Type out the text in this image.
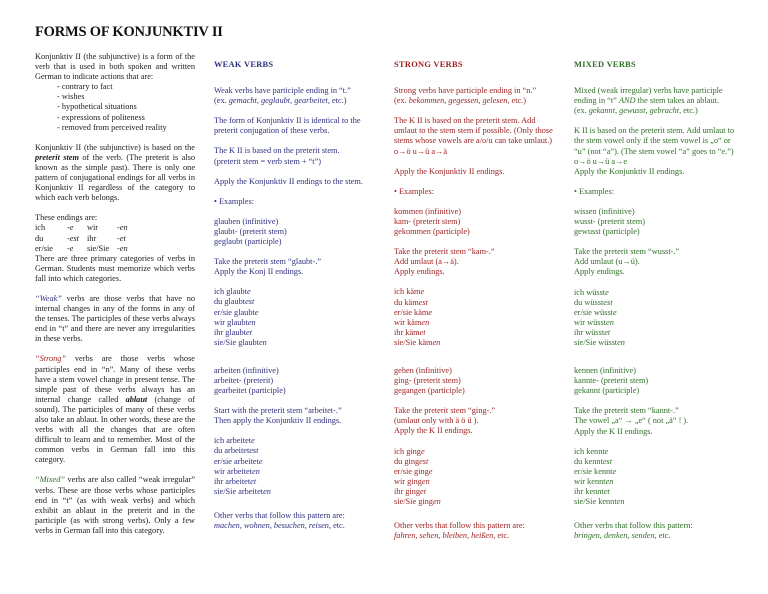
FORMS OF KONJUNKTIV II

Konjunktiv II (the subjunctive) is a form of the verb that is used in both spoken and written German to indicate actions that are:

- contrary to fact
- wishes
- hypothetical situations
- expressions of politeness
- removed from perceived reality

Konjunktiv II (the subjunctive) is based on the preterit stem of the verb. (The preterit is also known as the simple past). There is only one pattern of conjugational endings for all verbs in Konjunktiv II regardless of the category to which each verb belongs.

These endings are:

ich	-e	wir	-en
du	-est ihr	-et
er/sie	-e	sie/Sie -en

There are three primary categories of verbs in German. Students must memorize which verbs fall into which categories.

“Weak” verbs are those verbs that have no internal changes in any of the forms in any of the tenses. The participles of these verbs always end in “t” and there are never any irregularities in these verbs.

“Strong” verbs are those verbs whose participles end in “n”. Many of these verbs have a stem vowel change in present tense. The simple past of these verbs always has an internal change called ablaut (change of sound). The participles of many of these verbs also take an ablaut. In other words, these are the verbs with all the changes that are often difficult to learn and to remember. Most of the common verbs in German fall into this category.

“Mixed” verbs are also called “weak irregular” verbs. These are those verbs whose participles end in “t” (as with weak verbs) and which exhibit an ablaut in the preterit and in the participle (as with strong verbs). Only a few verbs in German fall into this category.

WEAK VERBS

Weak verbs have participle ending in “t.”
(ex. gemacht, geglaubt, gearbeitet, etc.)

The form of Konjunktiv II is identical to the preterit conjugation of these verbs.

The K II is based on the preterit stem.
(preterit stem = verb stem + “t”)

Apply the Konjunktiv II endings to the stem.

• Examples:

glauben (infinitive)
glaubt- (preterit stem)
geglaubt (participle)
Take the preterit stem “glaubt-.”
Apply the Konj II endings.
ich glaubte
du glaubtest
er/sie glaubte
wir glaubten
ihr glaubtet
sie/Sie glaubten
arbeiten (infinitive)
arbeitet- (preterit)
gearbeitet (participle)
Start with the preterit stem “arbeitet-.”
Then apply the Konjunktiv II endings.
ich arbeitete
du arbeitetest
er/sie arbeitete
wir arbeiteten
ihr arbeitetet
sie/Sie arbeiteten
Other verbs that follow this pattern are:
machen, wohnen, besuchen, reisen, etc.

STRONG VERBS

Strong verbs have participle ending in “n.”
(ex. bekommen, gegessen, gelesen, etc.)
The K II is based on the preterit stem. Add umlaut to the stem stem if possible. (Only those stems whose vowels are a/o/u can take umlaut.)
o→ö u→ü a→ä

Apply the Konjunktiv II endings.

• Examples:

kommen (infinitive)
kam- (preterit stem)
gekommen (participle)
Take the preterit stem “kam-.”
Add umlaut (a→ä).
Apply endings.
ich käme
du kämest
er/sie käme
wir kämen
ihr kämet
sie/Sie kämen
gehen (infinitive)
ging- (preterit stem)
gegangen (participle)
Take the preterit stem “ging-.”
(umlaut only with ä ö ü ).
Apply the K II endings.
ich ginge
du gingest
er/sie ginge
wir gingen
ihr ginget
sie/Sie gingen
Other verbs that follow this pattern are:
fahren, sehen, bleiben, heißen, etc.

MIXED VERBS

Mixed (weak irregular) verbs have participle ending in “t” AND the stem takes an ablaut.
(ex. gekannt, gewusst, gebracht, etc.)
K II is based on the preterit stem. Add umlaut to the stem vowel only if the stem vowel is „o“ or “u” (not “a”). (The stem vowel “a” goes to “e.”)
o→ö u→ü a→e

Apply the Konjunktiv II endings.

• Examples:

wissen (infinitive)
wusst- (preterit stem)
gewusst (participle)
Take the preterit stem “wusst-.”
Add umlaut (u→ü).
Apply endings.
ich wüsste
du wüsstest
er/sie wüsste
wir wüssten
ihr wüsstet
sie/Sie wüssten
kennen (infinitive)
kannte- (preterit stem)
gekannt (participle)
Take the preterit stem “kannt-.”
The vowel „a“ → „e“ ( not „ä“ ! ).
Apply the K II endings.
ich kennte
du kenntest
er/sie kennte
wir kennten
ihr kenntet
sie/Sie kennten
Other verbs that follow this pattern:
bringen, denken, senden, etc.
